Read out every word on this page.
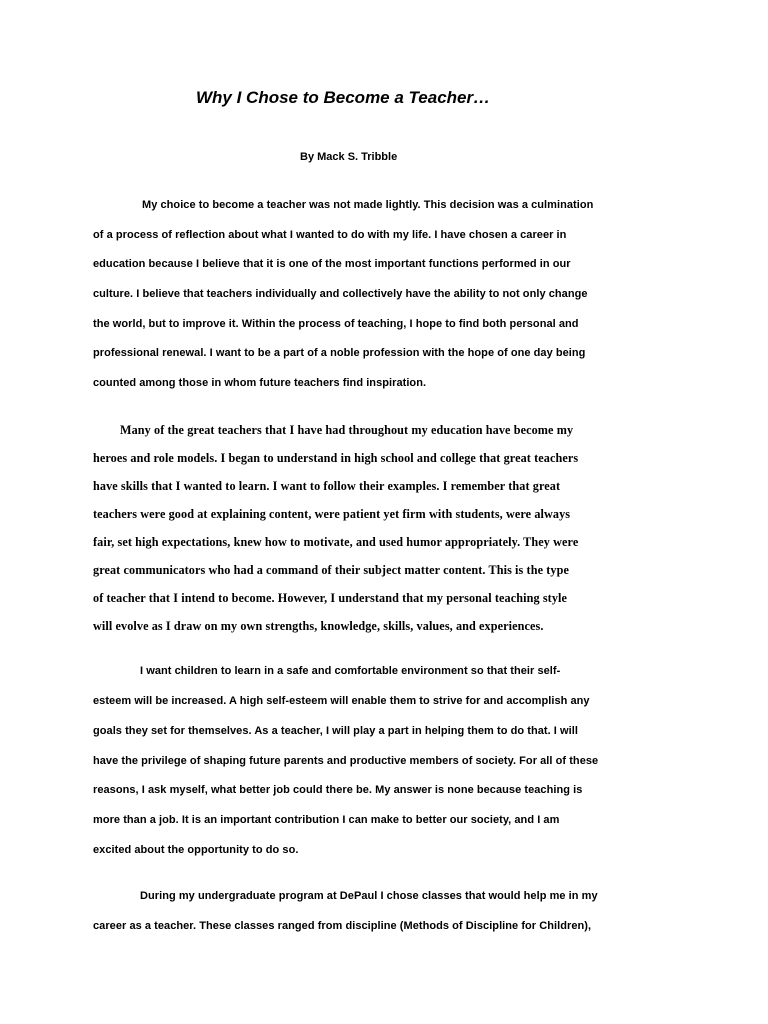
Why I Chose to Become a Teacher…
By Mack S. Tribble
My choice to become a teacher was not made lightly. This decision was a culmination
of a process of reflection about what I wanted to do with my life. I have chosen a career in
education because I believe that it is one of the most important functions performed in our
culture. I believe that teachers individually and collectively have the ability to not only change
the world, but to improve it. Within the process of teaching, I hope to find both personal and
professional renewal. I want to be a part of a noble profession with the hope of one day being
counted among those in whom future teachers find inspiration.
Many of the great teachers that I have had throughout my education have become my
heroes and role models. I began to understand in high school and college that great teachers
have skills that I wanted to learn. I want to follow their examples. I remember that great
teachers were good at explaining content, were patient yet firm with students, were always
fair, set high expectations, knew how to motivate, and used humor appropriately. They were
great communicators who had a command of their subject matter content. This is the type
of teacher that I intend to become. However, I understand that my personal teaching style
will evolve as I draw on my own strengths, knowledge, skills, values, and experiences.
I want children to learn in a safe and comfortable environment so that their self-
esteem will be increased. A high self-esteem will enable them to strive for and accomplish any
goals they set for themselves. As a teacher, I will play a part in helping them to do that. I will
have the privilege of shaping future parents and productive members of society. For all of these
reasons, I ask myself, what better job could there be. My answer is none because teaching is
more than a job. It is an important contribution I can make to better our society, and I am
excited about the opportunity to do so.
During my undergraduate program at DePaul I chose classes that would help me in my
career as a teacher. These classes ranged from discipline (Methods of Discipline for Children),
